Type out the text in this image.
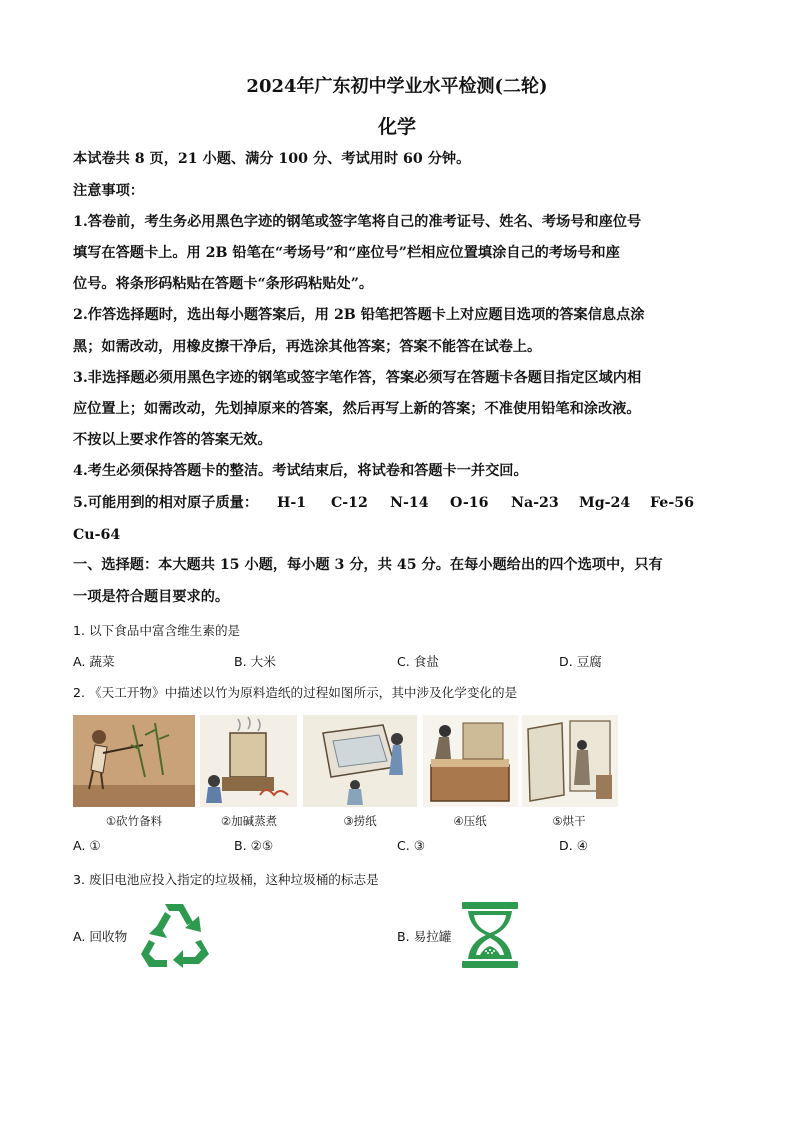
2024年广东初中学业水平检测(二轮)
化学
本试卷共 8 页，21 小题、满分 100 分、考试用时 60 分钟。
注意事项：
1.答卷前，考生务必用黑色字迹的钢笔或签字笔将自己的准考证号、姓名、考场号和座位号
填写在答题卡上。用 2B 铅笔在“考场号”和“座位号”栏相应位置填涂自己的考场号和座
位号。将条形码粘贴在答题卡“条形码粘贴处”。
2.作答选择题时，选出每小题答案后，用 2B 铅笔把答题卡上对应题目选项的答案信息点涂
黑；如需改动，用橡皮擦干净后，再选涂其他答案；答案不能答在试卷上。
3.非选择题必须用黑色字迹的钢笔或签字笔作答，答案必须写在答题卡各题目指定区域内相
应位置上；如需改动，先划掉原来的答案，然后再写上新的答案；不准使用铅笔和涂改液。
不按以上要求作答的答案无效。
4.考生必须保持答题卡的整洁。考试结束后，将试卷和答题卡一并交回。
5.可能用到的相对原子质量： H-1 C-12 N-14 O-16 Na-23 Mg-24 Fe-56
Cu-64
一、选择题：本大题共 15 小题，每小题 3 分，共 45 分。在每小题给出的四个选项中，只有
一项是符合题目要求的。
1. 以下食品中富含维生素的是
A. 蔬菜	B. 大米	C. 食盐	D. 豆腐
2. 《天工开物》中描述以竹为原料造纸的过程如图所示，其中涉及化学变化的是
①砍竹备料	②加碱蒸煮	③捞纸	④压纸	⑤烘干
A. ①	B. ②⑤	C. ③	D. ④
3. 废旧电池应投入指定的垃圾桶，这种垃圾桶的标志是
A. 回收物	B. 易拉罐
